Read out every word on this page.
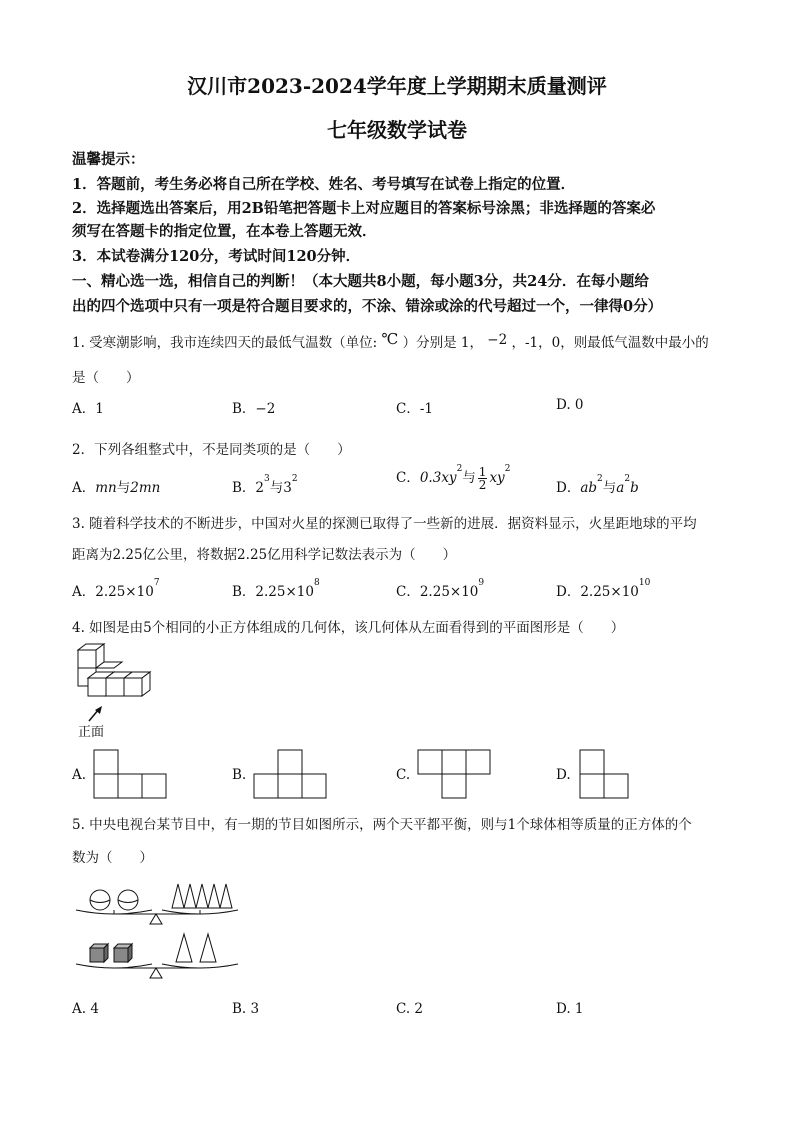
汉川市2023-2024学年度上学期期末质量测评
七年级数学试卷
温馨提示：
1．答题前，考生务必将自己所在学校、姓名、考号填写在试卷上指定的位置．
2．选择题选出答案后，用2B铅笔把答题卡上对应题目的答案标号涂黑；非选择题的答案必
须写在答题卡的指定位置，在本卷上答题无效．
3．本试卷满分120分，考试时间120分钟．
一、精心选一选，相信自己的判断！（本大题共8小题，每小题3分，共24分．在每小题给
出的四个选项中只有一项是符合题目要求的，不涂、错涂或涂的代号超过一个，一律得0分）
1. 受寒潮影响，我市连续四天的最低气温数（单位: ℃ ）分别是 1， −2 ，-1，0，则最低气温数中最小的
是（　　）
A．1	B．−2	C．-1	D. 0
2．下列各组整式中，不是同类项的是（　　）
A．mn与2mn	B．$2^3$与$3^2$	C．$0.3xy^2$与 $\frac{1}{2} xy^2$
D．$ab^2$与$a^2b$
3. 随着科学技术的不断进步，中国对火星的探测已取得了一些新的进展．据资料显示，火星距地球的平均
距离为2.25亿公里，将数据2.25亿用科学记数法表示为（　　）
A．$2.25\times 10^7$
B．$2.25\times 10^8$
C．$2.25\times 10^9$
D．$2.25\times 10^{10}$
4. 如图是由5个相同的小正方体组成的几何体，该几何体从左面看得到的平面图形是（　　）
正面
A.	B.	C.	D.
5. 中央电视台某节目中，有一期的节目如图所示，两个天平都平衡，则与1个球体相等质量的正方体的个
数为（　　）
A. 4	B. 3	C. 2	D. 1
